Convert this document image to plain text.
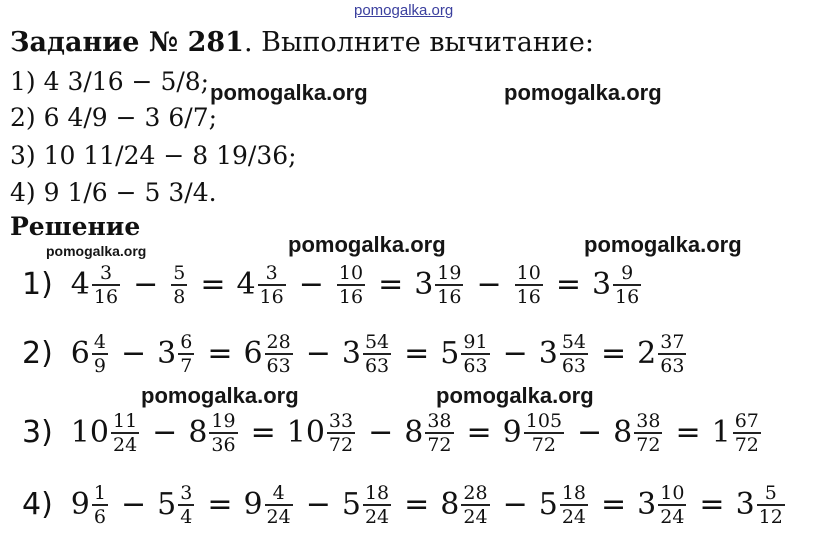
pomogalka.org
pomogalka.org	pomogalka.org
pomogalka.org	pomogalka.org	pomogalka.org
pomogalka.org	pomogalka.org
Задание № 281. Выполните вычитание:
1) 4 3/16 − 5/8;
2) 6 4/9 − 3 6/7;
3) 10 11/24 − 8 19/36;
4) 9 1/6 − 5 3/4.
Решение
1) $4 \frac{3}{16} - \frac{5}{8} = 4 \frac{3}{16} - \frac{10}{16} = 3 \frac{19}{16} - \frac{10}{16} = 3 \frac{9}{16}$
2) $6 \frac{4}{9} - 3 \frac{6}{7} = 6 \frac{28}{63} - 3 \frac{54}{63} = 5 \frac{91}{63} - 3 \frac{54}{63} = 2 \frac{37}{63}$
3) $10 \frac{11}{24} - 8 \frac{19}{36} = 10 \frac{33}{72} - 8 \frac{38}{72} = 9 \frac{105}{72} - 8 \frac{38}{72} = 1 \frac{67}{72}$
4) $9 \frac{1}{6} - 5 \frac{3}{4} = 9 \frac{4}{24} - 5 \frac{18}{24} = 8 \frac{28}{24} - 5 \frac{18}{24} = 3 \frac{10}{24} = 3 \frac{5}{12}$
